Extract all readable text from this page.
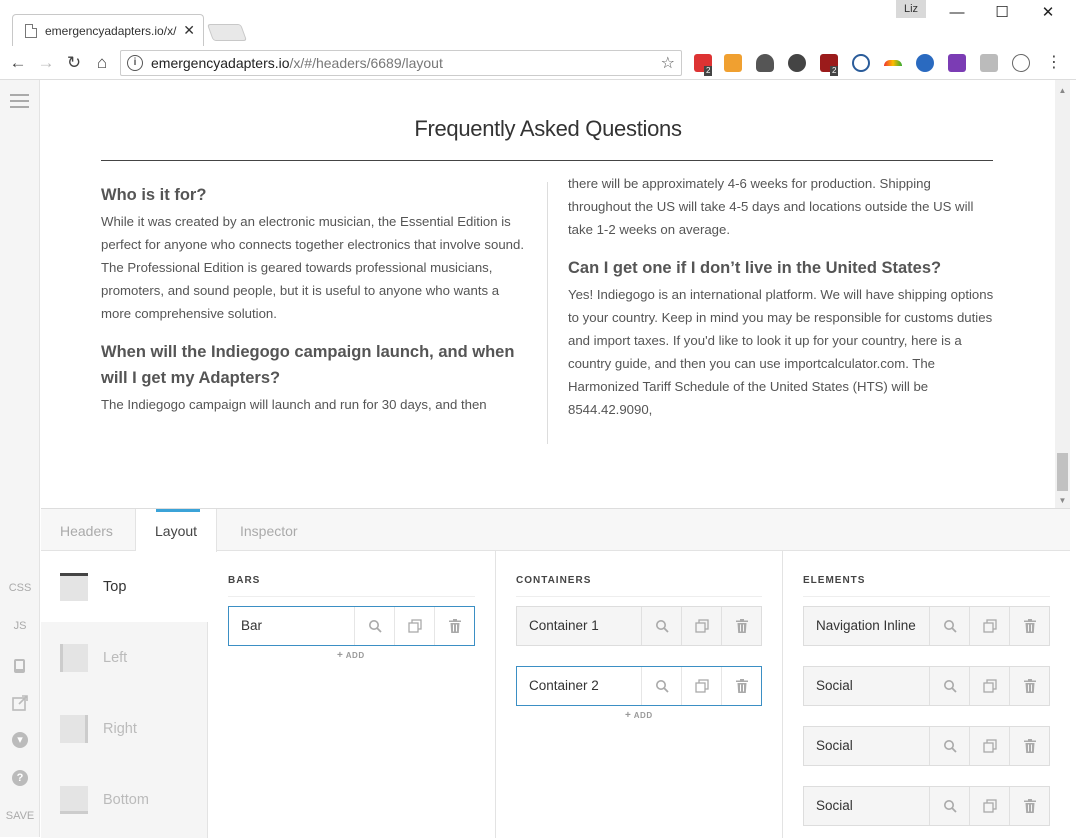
emergencyadapters.io/x/ ✕
Liz	—	☐	✕
← → ↻ ⌂	i	emergencyadapters.io /x/#/headers/6689/layout	☆	2	2	⋮
CSS
JS
▾
?
SAVE
Frequently Asked Questions
Who is it for?
While it was created by an electronic musician, the Essential Edition is perfect for anyone who connects together electronics that involve sound.
The Professional Edition is geared towards professional musicians, promoters, and sound people, but it is useful to anyone who wants a more comprehensive solution.
When will the Indiegogo campaign launch, and when will I get my Adapters?
The Indiegogo campaign will launch and run for 30 days, and then
there will be approximately 4-6 weeks for production. Shipping throughout the US will take 4-5 days and locations outside the US will take 1-2 weeks on average.
Can I get one if I don’t live in the United States?
Yes! Indiegogo is an international platform. We will have shipping options to your country. Keep in mind you may be responsible for customs duties and import taxes. If you'd like to look it up for your country, here is a country guide, and then you can use importcalculator.com. The Harmonized Tariff Schedule of the United States (HTS) will be 8544.42.9090,
▲
▼
Headers	Layout	Inspector
Top
Left
Right
Bottom
BARS
Bar
+ ADD
CONTAINERS
Container 1
Container 2
+ ADD
ELEMENTS
Navigation Inline
Social
Social
Social
